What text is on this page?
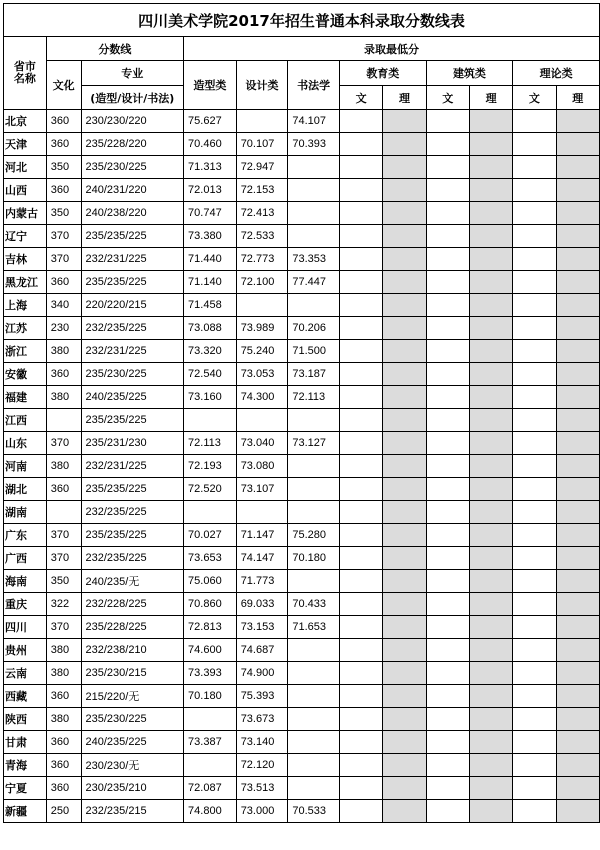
四川美术学院2017年招生普通本科录取分数线表											
省市名称	分数线		录取最低分								
	文化	专业	造型类	设计类	书法学	教育类		建筑类		理论类	
		(造型/设计/书法)				文	理	文	理	文	理
北京	360	230/230/220	75.627		74.107						
天津	360	235/228/220	70.460	70.107	70.393						
河北	350	235/230/225	71.313	72.947							
山西	360	240/231/220	72.013	72.153							
内蒙古	350	240/238/220	70.747	72.413							
辽宁	370	235/235/225	73.380	72.533							
吉林	370	232/231/225	71.440	72.773	73.353						
黑龙江	360	235/235/225	71.140	72.100	77.447						
上海	340	220/220/215	71.458								
江苏	230	232/235/225	73.088	73.989	70.206						
浙江	380	232/231/225	73.320	75.240	71.500						
安徽	360	235/230/225	72.540	73.053	73.187						
福建	380	240/235/225	73.160	74.300	72.113						
江西		235/235/225									
山东	370	235/231/230	72.113	73.040	73.127						
河南	380	232/231/225	72.193	73.080							
湖北	360	235/235/225	72.520	73.107							
湖南		232/235/225									
广东	370	235/235/225	70.027	71.147	75.280						
广西	370	232/235/225	73.653	74.147	70.180						
海南	350	240/235/无	75.060	71.773							
重庆	322	232/228/225	70.860	69.033	70.433						
四川	370	235/228/225	72.813	73.153	71.653						
贵州	380	232/238/210	74.600	74.687							
云南	380	235/230/215	73.393	74.900							
西藏	360	215/220/无	70.180	75.393							
陕西	380	235/230/225		73.673							
甘肃	360	240/235/225	73.387	73.140							
青海	360	230/230/无		72.120							
宁夏	360	230/235/210	72.087	73.513							
新疆	250	232/235/215	74.800	73.000	70.533						
